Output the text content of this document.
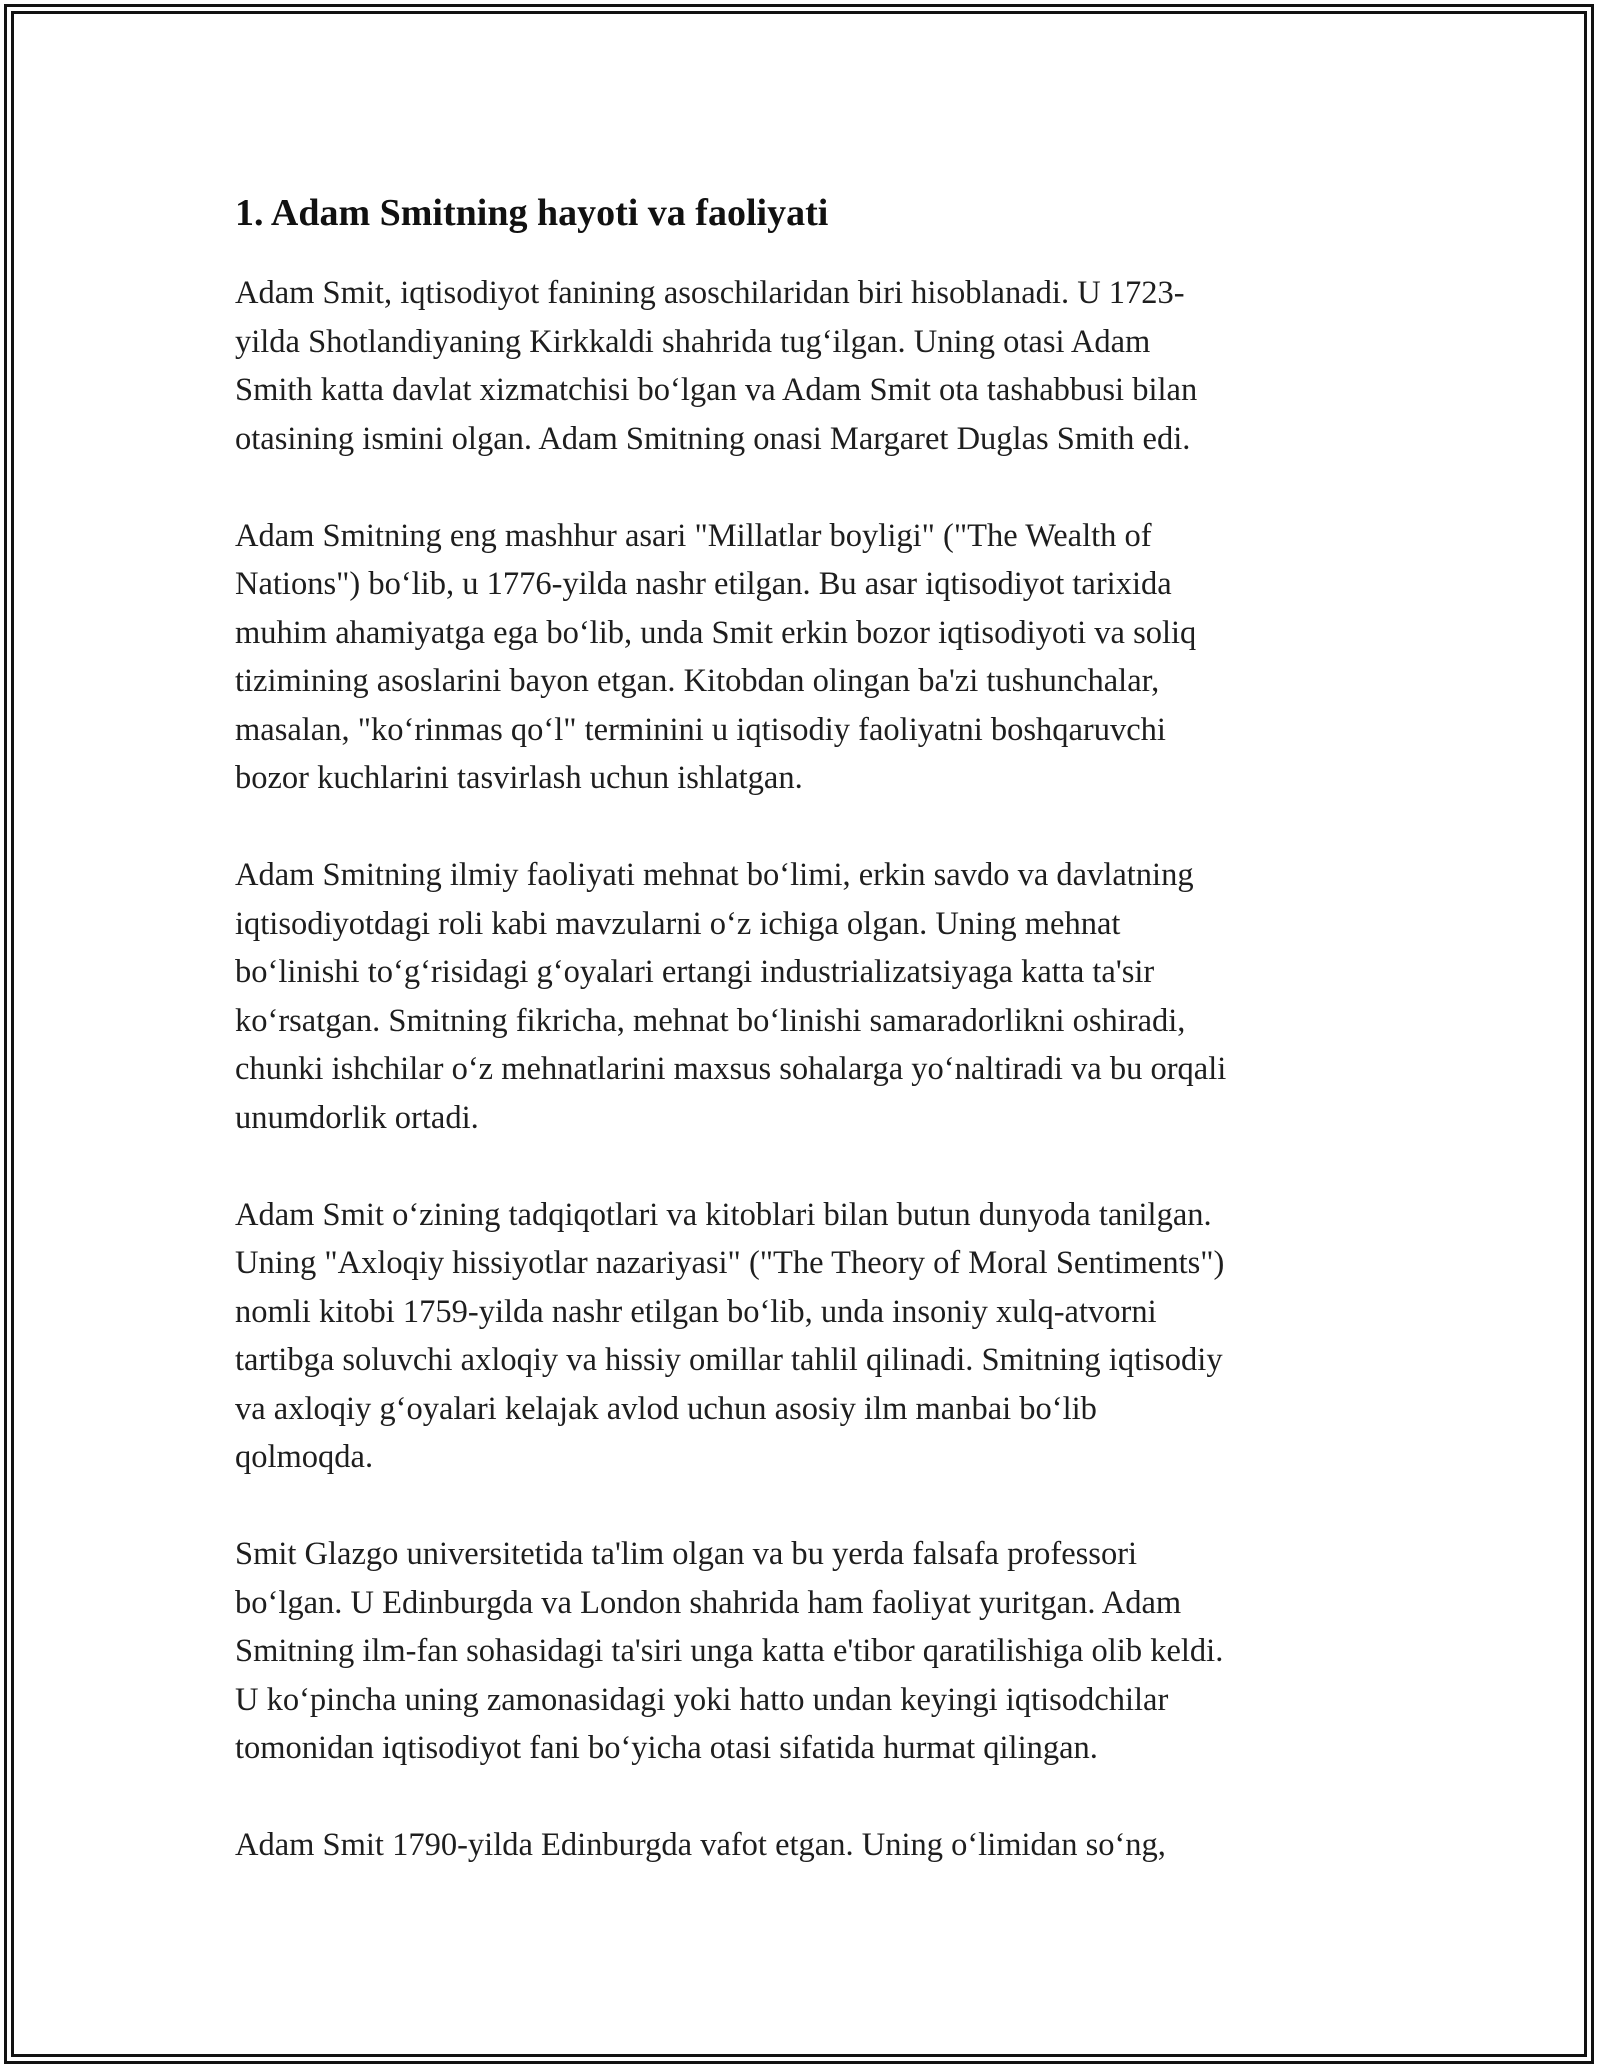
1. Adam Smitning hayoti va faoliyati

Adam Smit, iqtisodiyot fanining asoschilaridan biri hisoblanadi. U 1723-
yilda Shotlandiyaning Kirkkaldi shahrida tug‘ilgan. Uning otasi Adam
Smith katta davlat xizmatchisi bo‘lgan va Adam Smit ota tashabbusi bilan
otasining ismini olgan. Adam Smitning onasi Margaret Duglas Smith edi.

Adam Smitning eng mashhur asari "Millatlar boyligi" ("The Wealth of
Nations") bo‘lib, u 1776-yilda nashr etilgan. Bu asar iqtisodiyot tarixida
muhim ahamiyatga ega bo‘lib, unda Smit erkin bozor iqtisodiyoti va soliq
tizimining asoslarini bayon etgan. Kitobdan olingan ba'zi tushunchalar,
masalan, "ko‘rinmas qo‘l" terminini u iqtisodiy faoliyatni boshqaruvchi
bozor kuchlarini tasvirlash uchun ishlatgan.

Adam Smitning ilmiy faoliyati mehnat bo‘limi, erkin savdo va davlatning
iqtisodiyotdagi roli kabi mavzularni o‘z ichiga olgan. Uning mehnat
bo‘linishi to‘g‘risidagi g‘oyalari ertangi industrializatsiyaga katta ta'sir
ko‘rsatgan. Smitning fikricha, mehnat bo‘linishi samaradorlikni oshiradi,
chunki ishchilar o‘z mehnatlarini maxsus sohalarga yo‘naltiradi va bu orqali
unumdorlik ortadi.

Adam Smit o‘zining tadqiqotlari va kitoblari bilan butun dunyoda tanilgan.
Uning "Axloqiy hissiyotlar nazariyasi" ("The Theory of Moral Sentiments")
nomli kitobi 1759-yilda nashr etilgan bo‘lib, unda insoniy xulq-atvorni
tartibga soluvchi axloqiy va hissiy omillar tahlil qilinadi. Smitning iqtisodiy
va axloqiy g‘oyalari kelajak avlod uchun asosiy ilm manbai bo‘lib
qolmoqda.

Smit Glazgo universitetida ta'lim olgan va bu yerda falsafa professori
bo‘lgan. U Edinburgda va London shahrida ham faoliyat yuritgan. Adam
Smitning ilm-fan sohasidagi ta'siri unga katta e'tibor qaratilishiga olib keldi.
U ko‘pincha uning zamonasidagi yoki hatto undan keyingi iqtisodchilar
tomonidan iqtisodiyot fani bo‘yicha otasi sifatida hurmat qilingan.

Adam Smit 1790-yilda Edinburgda vafot etgan. Uning o‘limidan so‘ng,
